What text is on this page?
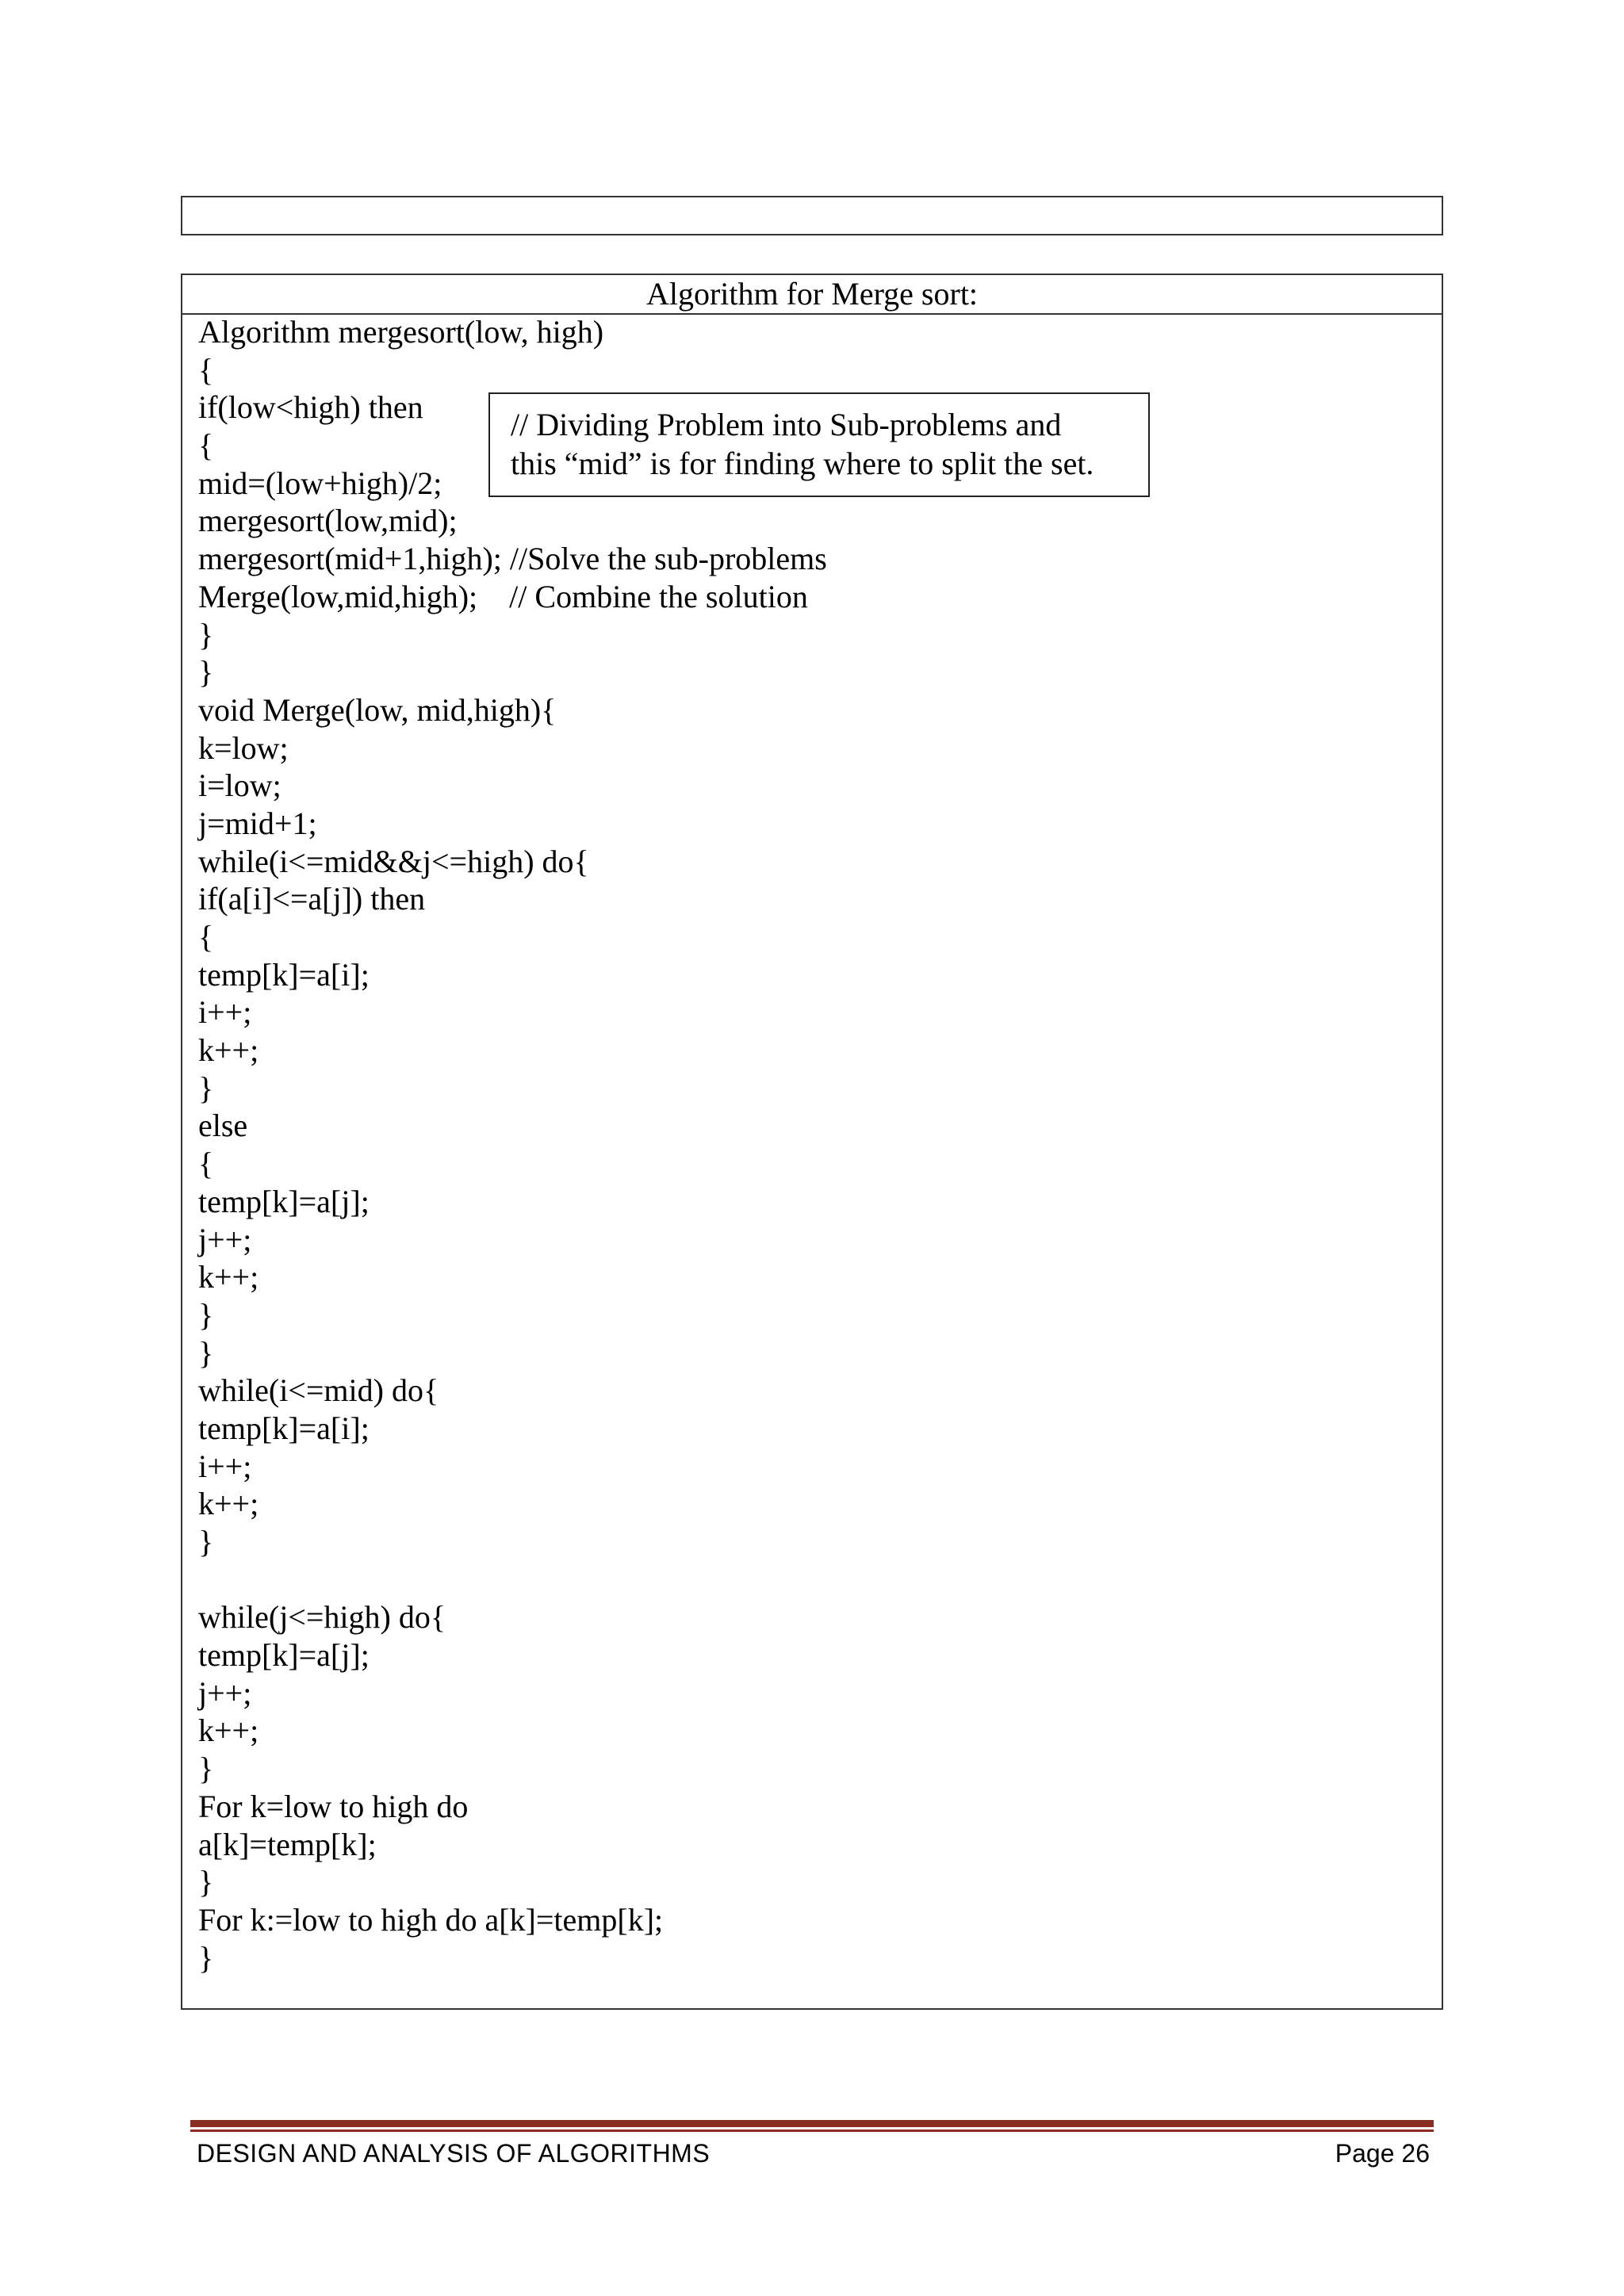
Algorithm for Merge sort:
Algorithm mergesort(low, high)
{
if(low<high) then
{
mid=(low+high)/2;
mergesort(low,mid);
mergesort(mid+1,high); //Solve the sub-problems
Merge(low,mid,high);    // Combine the solution
}
}
void Merge(low, mid,high){
k=low;
i=low;
j=mid+1;
while(i<=mid&&j<=high) do{
if(a[i]<=a[j]) then
{
temp[k]=a[i];
i++;
k++;
}
else
{
temp[k]=a[j];
j++;
k++;
}
}
while(i<=mid) do{
temp[k]=a[i];
i++;
k++;
}
while(j<=high) do{
temp[k]=a[j];
j++;
k++;
}
For k=low to high do
a[k]=temp[k];
}
For k:=low to high do a[k]=temp[k];
}
// Dividing Problem into Sub-problems and
this “mid” is for finding where to split the set.
DESIGN AND ANALYSIS OF ALGORITHMS	Page 26
